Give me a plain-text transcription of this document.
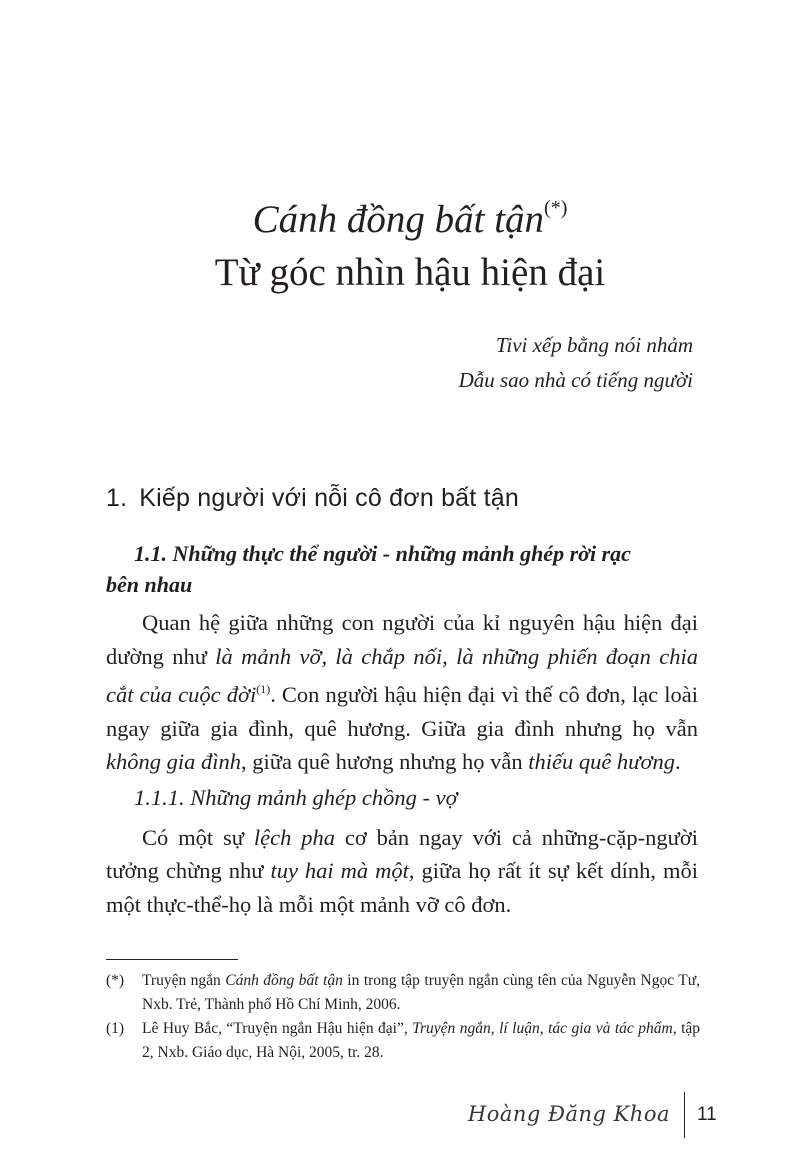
Cánh đồng bất tận(*)
Từ góc nhìn hậu hiện đại
Tivi xếp bằng nói nhảm
Dẫu sao nhà có tiếng người
1. Kiếp người với nỗi cô đơn bất tận

1.1. Những thực thể người - những mảnh ghép rời rạc
bên nhau

Quan hệ giữa những con người của kỉ nguyên hậu hiện đại dường như là mảnh vỡ, là chắp nối, là những phiến đoạn chia cắt của cuộc đời$^{(1)}$. Con người hậu hiện đại vì thế cô đơn, lạc loài ngay giữa gia đình, quê hương. Giữa gia đình nhưng họ vẫn không gia đình, giữa quê hương nhưng họ vẫn thiếu quê hương.

1.1.1. Những mảnh ghép chồng - vợ

Có một sự lệch pha cơ bản ngay với cả những-cặp-người tưởng chừng như tuy hai mà một, giữa họ rất ít sự kết dính, mỗi một thực-thể-họ là mỗi một mảnh vỡ cô đơn.

(*)	Truyện ngắn Cánh đồng bất tận in trong tập truyện ngắn cùng tên của Nguyễn Ngọc Tư, Nxb. Trẻ, Thành phố Hồ Chí Minh, 2006.
(1)	Lê Huy Bắc, “Truyện ngắn Hậu hiện đại”, Truyện ngắn, lí luận, tác gia và tác phẩm, tập 2, Nxb. Giáo dục, Hà Nội, 2005, tr. 28.
Hoàng Đăng Khoa 11
